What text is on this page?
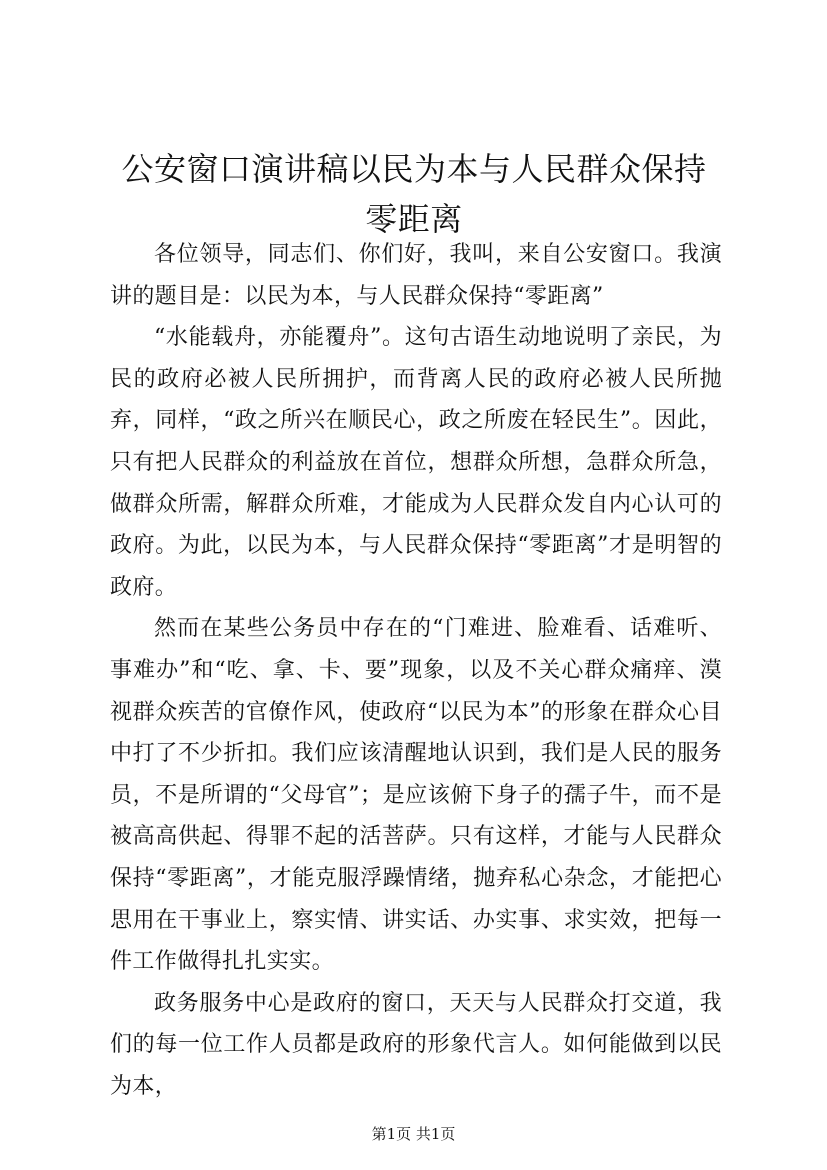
公安窗口演讲稿以民为本与人民群众保持零距离

各位领导，同志们、你们好，我叫，来自公安窗口。我演讲的题目是：以民为本，与人民群众保持“零距离”

“水能载舟，亦能覆舟”。这句古语生动地说明了亲民，为民的政府必被人民所拥护，而背离人民的政府必被人民所抛弃，同样，“政之所兴在顺民心，政之所废在轻民生”。因此，只有把人民群众的利益放在首位，想群众所想，急群众所急，做群众所需，解群众所难，才能成为人民群众发自内心认可的政府。为此，以民为本，与人民群众保持“零距离”才是明智的政府。

然而在某些公务员中存在的“门难进、脸难看、话难听、事难办”和“吃、拿、卡、要”现象，以及不关心群众痛痒、漠视群众疾苦的官僚作风，使政府“以民为本”的形象在群众心目中打了不少折扣。我们应该清醒地认识到，我们是人民的服务员，不是所谓的“父母官”；是应该俯下身子的孺子牛，而不是被高高供起、得罪不起的活菩萨。只有这样，才能与人民群众保持“零距离”，才能克服浮躁情绪，抛弃私心杂念，才能把心思用在干事业上，察实情、讲实话、办实事、求实效，把每一件工作做得扎扎实实。

政务服务中心是政府的窗口，天天与人民群众打交道，我们的每一位工作人员都是政府的形象代言人。如何能做到以民为本，

第1页 共1页
